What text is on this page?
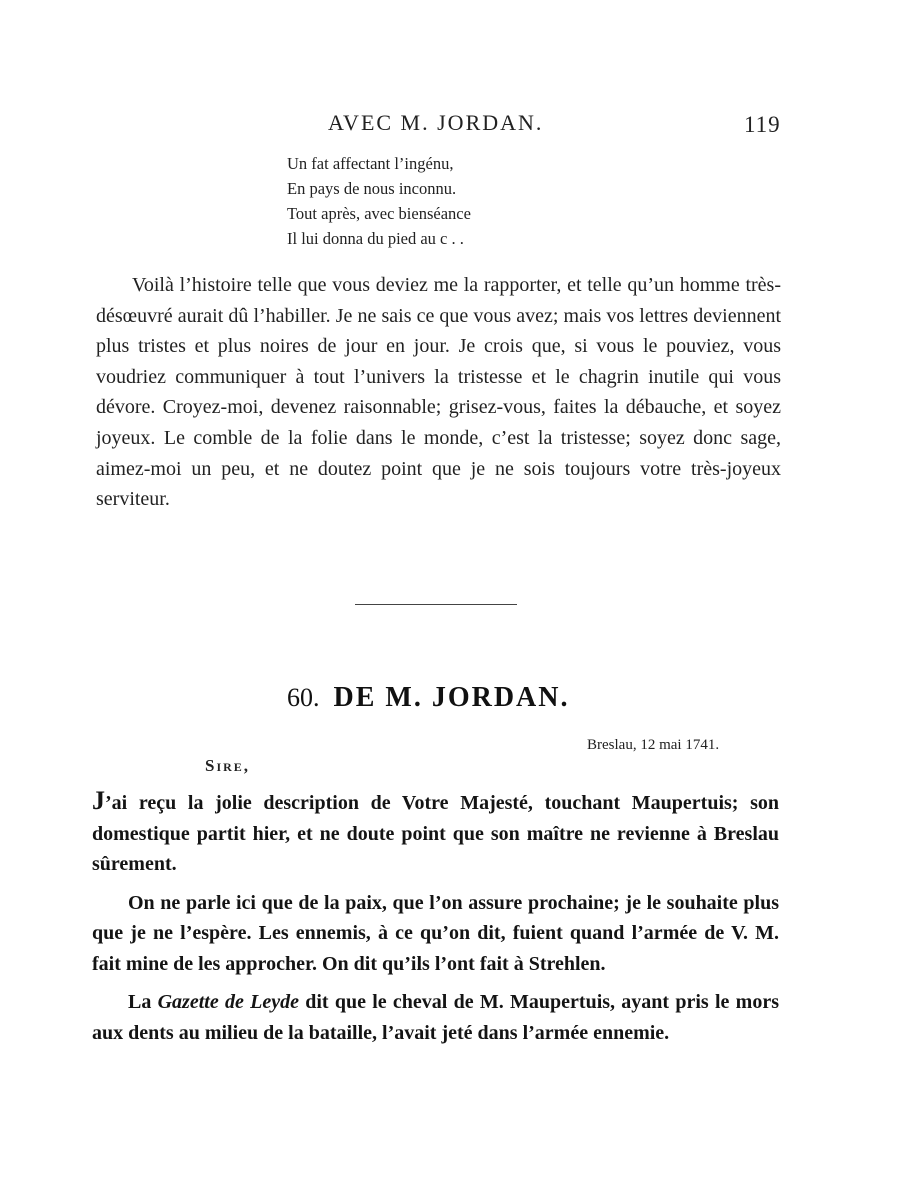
AVEC M. JORDAN.	119
Un fat affectant l’ingénu,
En pays de nous inconnu.
Tout après, avec bienséance
Il lui donna du pied au c . .
Voilà l’histoire telle que vous deviez me la rapporter, et telle qu’un homme très-désœuvré aurait dû l’habiller. Je ne sais ce que vous avez; mais vos lettres deviennent plus tristes et plus noires de jour en jour. Je crois que, si vous le pouviez, vous voudriez communiquer à tout l’univers la tristesse et le chagrin inutile qui vous dévore. Croyez-moi, devenez raisonnable; grisez-vous, faites la débauche, et soyez joyeux. Le comble de la folie dans le monde, c’est la tristesse; soyez donc sage, aimez-moi un peu, et ne doutez point que je ne sois toujours votre très-joyeux serviteur.
60. DE M. JORDAN.
Breslau, 12 mai 1741.
Sire,

J’ai reçu la jolie description de Votre Majesté, touchant Maupertuis; son domestique partit hier, et ne doute point que son maître ne revienne à Breslau sûrement.

On ne parle ici que de la paix, que l’on assure prochaine; je le souhaite plus que je ne l’espère. Les ennemis, à ce qu’on dit, fuient quand l’armée de V. M. fait mine de les approcher. On dit qu’ils l’ont fait à Strehlen.

La Gazette de Leyde dit que le cheval de M. Maupertuis, ayant pris le mors aux dents au milieu de la bataille, l’avait jeté dans l’armée ennemie.
